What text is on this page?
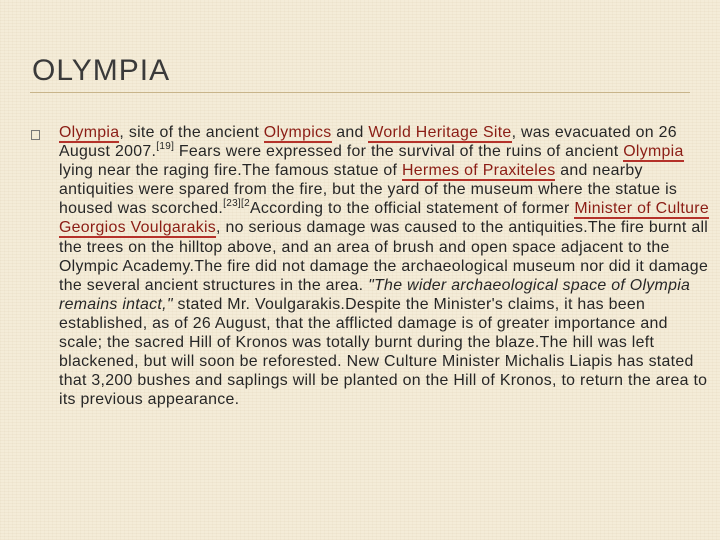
OLYMPIA
Olympia, site of the ancient Olympics and World Heritage Site, was evacuated on 26 August 2007.[19] Fears were expressed for the survival of the ruins of ancient Olympia lying near the raging fire.The famous statue of Hermes of Praxiteles and nearby antiquities were spared from the fire, but the yard of the museum where the statue is housed was scorched.$^{[23][2}$According to the official statement of former Minister of Culture Georgios Voulgarakis, no serious damage was caused to the antiquities.The fire burnt all the trees on the hilltop above, and an area of brush and open space adjacent to the Olympic Academy.The fire did not damage the archaeological museum nor did it damage the several ancient structures in the area. "The wider archaeological space of Olympia remains intact," stated Mr. Voulgarakis.Despite the Minister's claims, it has been established, as of 26 August, that the afflicted damage is of greater importance and scale; the sacred Hill of Kronos was totally burnt during the blaze.The hill was left blackened, but will soon be reforested. New Culture Minister Michalis Liapis has stated that 3,200 bushes and saplings will be planted on the Hill of Kronos, to return the area to its previous appearance.
